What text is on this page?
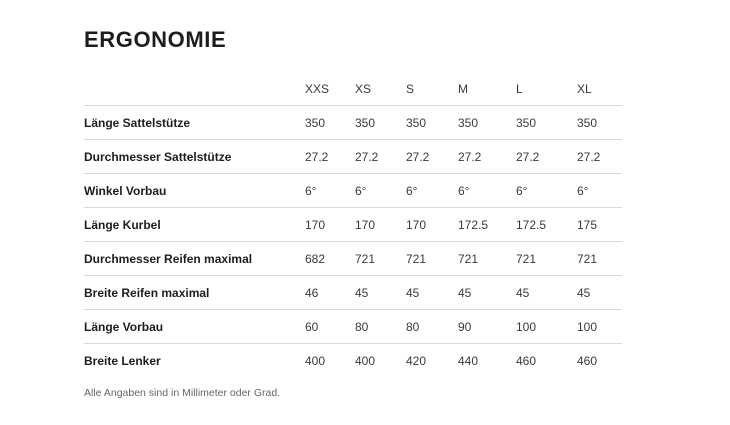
ERGONOMIE
	XXS	XS	S	M	L	XL
Länge Sattelstütze	350	350	350	350	350	350
Durchmesser Sattelstütze	27.2	27.2	27.2	27.2	27.2	27.2
Winkel Vorbau	6°	6°	6°	6°	6°	6°
Länge Kurbel	170	170	170	172.5	172.5	175
Durchmesser Reifen maximal	682	721	721	721	721	721
Breite Reifen maximal	46	45	45	45	45	45
Länge Vorbau	60	80	80	90	100	100
Breite Lenker	400	400	420	440	460	460

Alle Angaben sind in Millimeter oder Grad.
